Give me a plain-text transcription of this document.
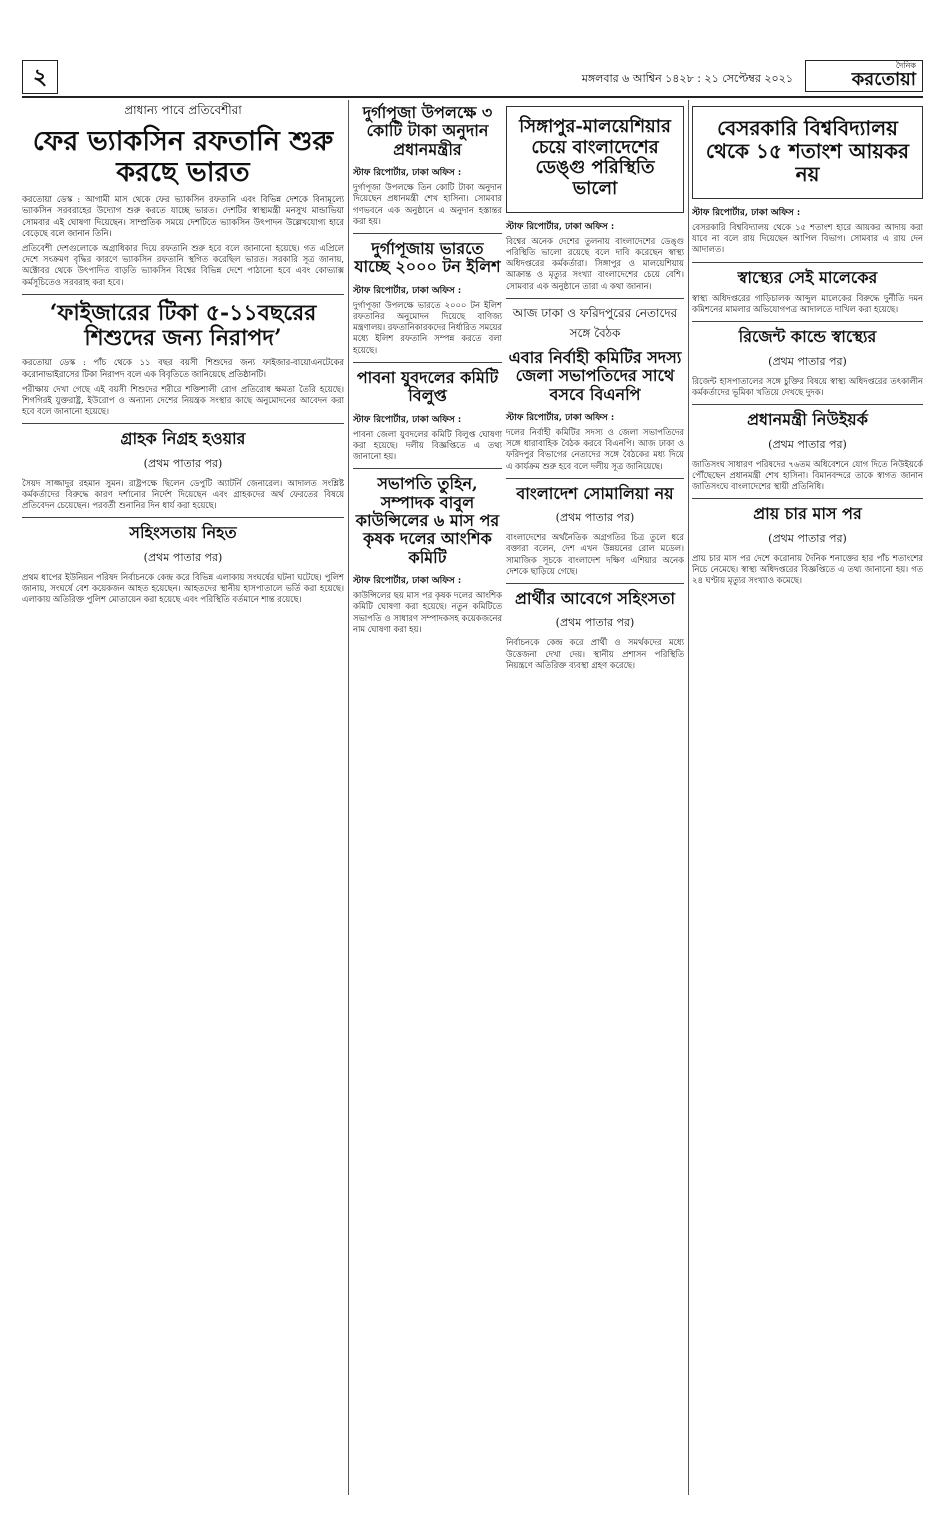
২	মঙ্গলবার ৬ আশ্বিন ১৪২৮ : ২১ সেপ্টেম্বর ২০২১
দৈনিক
করতোয়া
প্রাধান্য পাবে প্রতিবেশীরা
ফের ভ্যাকসিন রফতানি শুরু করছে ভারত

করতোয়া ডেস্ক : আগামী মাস থেকে ফের ভ্যাকসিন রফতানি এবং বিভিন্ন দেশকে বিনামূল্যে ভ্যাকসিন সরবরাহের উদ্যোগ শুরু করতে যাচ্ছে ভারত। দেশটির স্বাস্থ্যমন্ত্রী মনসুখ মান্ডাভিয়া সোমবার এই ঘোষণা দিয়েছেন। সাম্প্রতিক সময়ে দেশটিতে ভ্যাকসিন উৎপাদন উল্লেখযোগ্য হারে বেড়েছে বলে জানান তিনি।

প্রতিবেশী দেশগুলোকে অগ্রাধিকার দিয়ে রফতানি শুরু হবে বলে জানানো হয়েছে। গত এপ্রিলে দেশে সংক্রমণ বৃদ্ধির কারণে ভ্যাকসিন রফতানি স্থগিত করেছিল ভারত। সরকারি সূত্র জানায়, অক্টোবর থেকে উৎপাদিত বাড়তি ভ্যাকসিন বিশ্বের বিভিন্ন দেশে পাঠানো হবে এবং কোভ্যাক্স কর্মসূচিতেও সরবরাহ করা হবে।

‘ফাইজারের টিকা ৫-১১বছরের শিশুদের জন্য নিরাপদ’

করতোয়া ডেস্ক : পাঁচ থেকে ১১ বছর বয়সী শিশুদের জন্য ফাইজার-বায়োএনটেকের করোনাভাইরাসের টিকা নিরাপদ বলে এক বিবৃতিতে জানিয়েছে প্রতিষ্ঠানটি।

পরীক্ষায় দেখা গেছে এই বয়সী শিশুদের শরীরে শক্তিশালী রোগ প্রতিরোধ ক্ষমতা তৈরি হয়েছে। শিগগিরই যুক্তরাষ্ট্র, ইউরোপ ও অন্যান্য দেশের নিয়ন্ত্রক সংস্থার কাছে অনুমোদনের আবেদন করা হবে বলে জানানো হয়েছে।

গ্রাহক নিগ্রহ হওয়ার
(প্রথম পাতার পর)

সৈয়দ সাজ্জাদুর রহমান সুমন। রাষ্ট্রপক্ষে ছিলেন ডেপুটি অ্যাটর্নি জেনারেল। আদালত সংশ্লিষ্ট কর্মকর্তাদের বিরুদ্ধে কারণ দর্শানোর নির্দেশ দিয়েছেন এবং গ্রাহকদের অর্থ ফেরতের বিষয়ে প্রতিবেদন চেয়েছেন। পরবর্তী শুনানির দিন ধার্য করা হয়েছে।

সহিংসতায় নিহত
(প্রথম পাতার পর)

প্রথম ধাপের ইউনিয়ন পরিষদ নির্বাচনকে কেন্দ্র করে বিভিন্ন এলাকায় সংঘর্ষের ঘটনা ঘটেছে। পুলিশ জানায়, সংঘর্ষে বেশ কয়েকজন আহত হয়েছেন। আহতদের স্থানীয় হাসপাতালে ভর্তি করা হয়েছে। এলাকায় অতিরিক্ত পুলিশ মোতায়েন করা হয়েছে এবং পরিস্থিতি বর্তমানে শান্ত রয়েছে।

দুর্গাপূজা উপলক্ষে ৩ কোটি টাকা অনুদান প্রধানমন্ত্রীর
স্টাফ রিপোর্টার, ঢাকা অফিস :

দুর্গাপূজা উপলক্ষে তিন কোটি টাকা অনুদান দিয়েছেন প্রধানমন্ত্রী শেখ হাসিনা। সোমবার গণভবনে এক অনুষ্ঠানে এ অনুদান হস্তান্তর করা হয়।

দুর্গাপূজায় ভারতে যাচ্ছে ২০০০ টন ইলিশ
স্টাফ রিপোর্টার, ঢাকা অফিস :

দুর্গাপূজা উপলক্ষে ভারতে ২০০০ টন ইলিশ রফতানির অনুমোদন দিয়েছে বাণিজ্য মন্ত্রণালয়। রফতানিকারকদের নির্ধারিত সময়ের মধ্যে ইলিশ রফতানি সম্পন্ন করতে বলা হয়েছে।

পাবনা যুবদলের কমিটি বিলুপ্ত
স্টাফ রিপোর্টার, ঢাকা অফিস :

পাবনা জেলা যুবদলের কমিটি বিলুপ্ত ঘোষণা করা হয়েছে। দলীয় বিজ্ঞপ্তিতে এ তথ্য জানানো হয়।

সভাপতি তুহিন, সম্পাদক বাবুল কাউন্সিলের ৬ মাস পর কৃষক দলের আংশিক কমিটি
স্টাফ রিপোর্টার, ঢাকা অফিস :

কাউন্সিলের ছয় মাস পর কৃষক দলের আংশিক কমিটি ঘোষণা করা হয়েছে। নতুন কমিটিতে সভাপতি ও সাধারণ সম্পাদকসহ কয়েকজনের নাম ঘোষণা করা হয়।

সিঙ্গাপুর-মালয়েশিয়ার চেয়ে বাংলাদেশের ডেঙ্গু পরিস্থিতি ভালো
স্টাফ রিপোর্টার, ঢাকা অফিস :

বিশ্বের অনেক দেশের তুলনায় বাংলাদেশের ডেঙ্গু পরিস্থিতি ভালো রয়েছে বলে দাবি করেছেন স্বাস্থ্য অধিদপ্তরের কর্মকর্তারা। সিঙ্গাপুর ও মালয়েশিয়ায় আক্রান্ত ও মৃত্যুর সংখ্যা বাংলাদেশের চেয়ে বেশি। সোমবার এক অনুষ্ঠানে তারা এ কথা জানান।

আজ ঢাকা ও ফরিদপুরের নেতাদের সঙ্গে বৈঠক
এবার নির্বাহী কমিটির সদস্য জেলা সভাপতিদের সাথে বসবে বিএনপি
স্টাফ রিপোর্টার, ঢাকা অফিস :

দলের নির্বাহী কমিটির সদস্য ও জেলা সভাপতিদের সঙ্গে ধারাবাহিক বৈঠক করবে বিএনপি। আজ ঢাকা ও ফরিদপুর বিভাগের নেতাদের সঙ্গে বৈঠকের মধ্য দিয়ে এ কার্যক্রম শুরু হবে বলে দলীয় সূত্র জানিয়েছে।

বাংলাদেশ সোমালিয়া নয়
(প্রথম পাতার পর)

বাংলাদেশের অর্থনৈতিক অগ্রগতির চিত্র তুলে ধরে বক্তারা বলেন, দেশ এখন উন্নয়নের রোল মডেল। সামাজিক সূচকে বাংলাদেশ দক্ষিণ এশিয়ার অনেক দেশকে ছাড়িয়ে গেছে।

প্রার্থীর আবেগে সহিংসতা
(প্রথম পাতার পর)

নির্বাচনকে কেন্দ্র করে প্রার্থী ও সমর্থকদের মধ্যে উত্তেজনা দেখা দেয়। স্থানীয় প্রশাসন পরিস্থিতি নিয়ন্ত্রণে অতিরিক্ত ব্যবস্থা গ্রহণ করেছে।

বেসরকারি বিশ্ববিদ্যালয় থেকে ১৫ শতাংশ আয়কর নয়
স্টাফ রিপোর্টার, ঢাকা অফিস :

বেসরকারি বিশ্ববিদ্যালয় থেকে ১৫ শতাংশ হারে আয়কর আদায় করা যাবে না বলে রায় দিয়েছেন আপিল বিভাগ। সোমবার এ রায় দেন আদালত।

স্বাস্থ্যের সেই মালেকের

স্বাস্থ্য অধিদপ্তরের গাড়িচালক আব্দুল মালেকের বিরুদ্ধে দুর্নীতি দমন কমিশনের মামলার অভিযোগপত্র আদালতে দাখিল করা হয়েছে।

রিজেন্ট কান্ডে স্বাস্থ্যের
(প্রথম পাতার পর)

রিজেন্ট হাসপাতালের সঙ্গে চুক্তির বিষয়ে স্বাস্থ্য অধিদপ্তরের তৎকালীন কর্মকর্তাদের ভূমিকা খতিয়ে দেখছে দুদক।

প্রধানমন্ত্রী নিউইয়র্ক
(প্রথম পাতার পর)

জাতিসংঘ সাধারণ পরিষদের ৭৬তম অধিবেশনে যোগ দিতে নিউইয়র্কে পৌঁছেছেন প্রধানমন্ত্রী শেখ হাসিনা। বিমানবন্দরে তাকে স্বাগত জানান জাতিসংঘে বাংলাদেশের স্থায়ী প্রতিনিধি।

প্রায় চার মাস পর
(প্রথম পাতার পর)

প্রায় চার মাস পর দেশে করোনায় দৈনিক শনাক্তের হার পাঁচ শতাংশের নিচে নেমেছে। স্বাস্থ্য অধিদপ্তরের বিজ্ঞপ্তিতে এ তথ্য জানানো হয়। গত ২৪ ঘণ্টায় মৃত্যুর সংখ্যাও কমেছে।
